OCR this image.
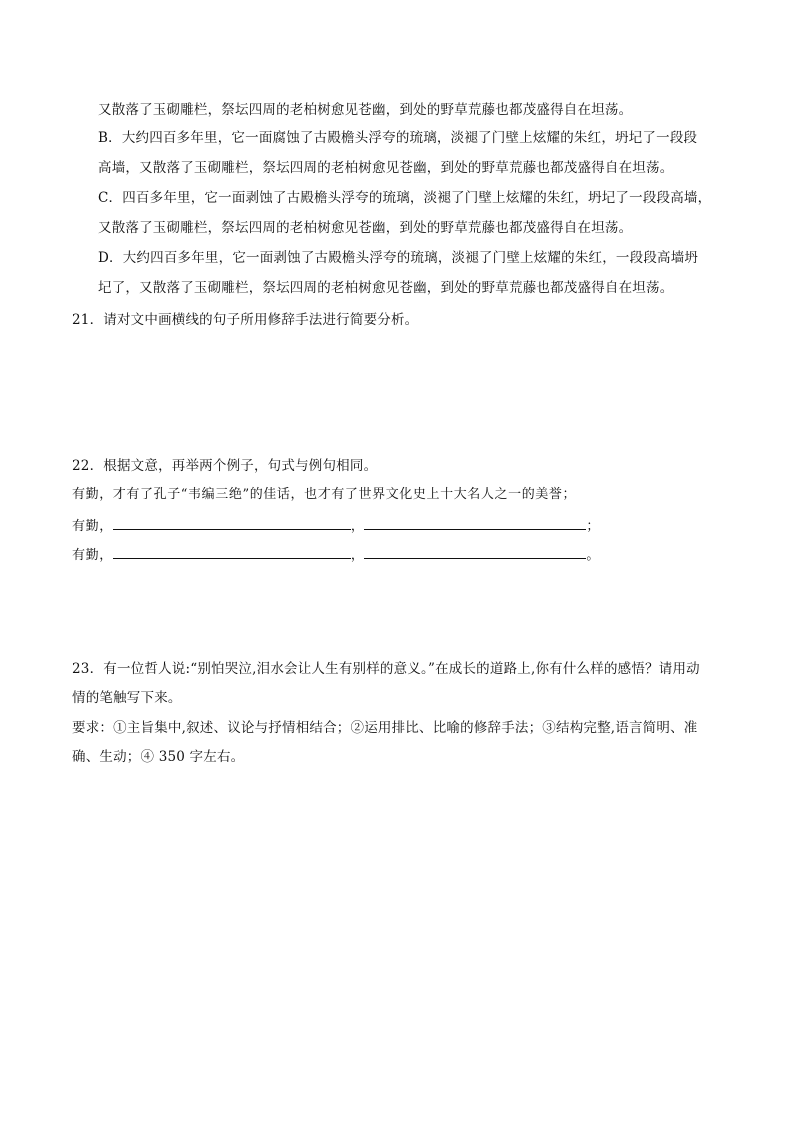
又散落了玉砌雕栏，祭坛四周的老柏树愈见苍幽，到处的野草荒藤也都茂盛得自在坦荡。
B．大约四百多年里，它一面腐蚀了古殿檐头浮夸的琉璃，淡褪了门壁上炫耀的朱红，坍圮了一段段
高墙，又散落了玉砌雕栏，祭坛四周的老柏树愈见苍幽，到处的野草荒藤也都茂盛得自在坦荡。
C．四百多年里，它一面剥蚀了古殿檐头浮夸的琉璃，淡褪了门壁上炫耀的朱红，坍圮了一段段高墙，
又散落了玉砌雕栏，祭坛四周的老柏树愈见苍幽，到处的野草荒藤也都茂盛得自在坦荡。
D．大约四百多年里，它一面剥蚀了古殿檐头浮夸的琉璃，淡褪了门壁上炫耀的朱红，一段段高墙坍
圮了，又散落了玉砌雕栏，祭坛四周的老柏树愈见苍幽，到处的野草荒藤也都茂盛得自在坦荡。
21．请对文中画横线的句子所用修辞手法进行简要分析。
22．根据文意，再举两个例子，句式与例句相同。
有勤，才有了孔子“韦编三绝”的佳话，也才有了世界文化史上十大名人之一的美誉；
有勤，	，	；
有勤，	，	。
23．有一位哲人说:“别怕哭泣,泪水会让人生有别样的意义。”在成长的道路上,你有什么样的感悟？请用动
情的笔触写下来。
要求：①主旨集中,叙述、议论与抒情相结合；②运用排比、比喻的修辞手法；③结构完整,语言简明、准
确、生动；④ 350 字左右。
